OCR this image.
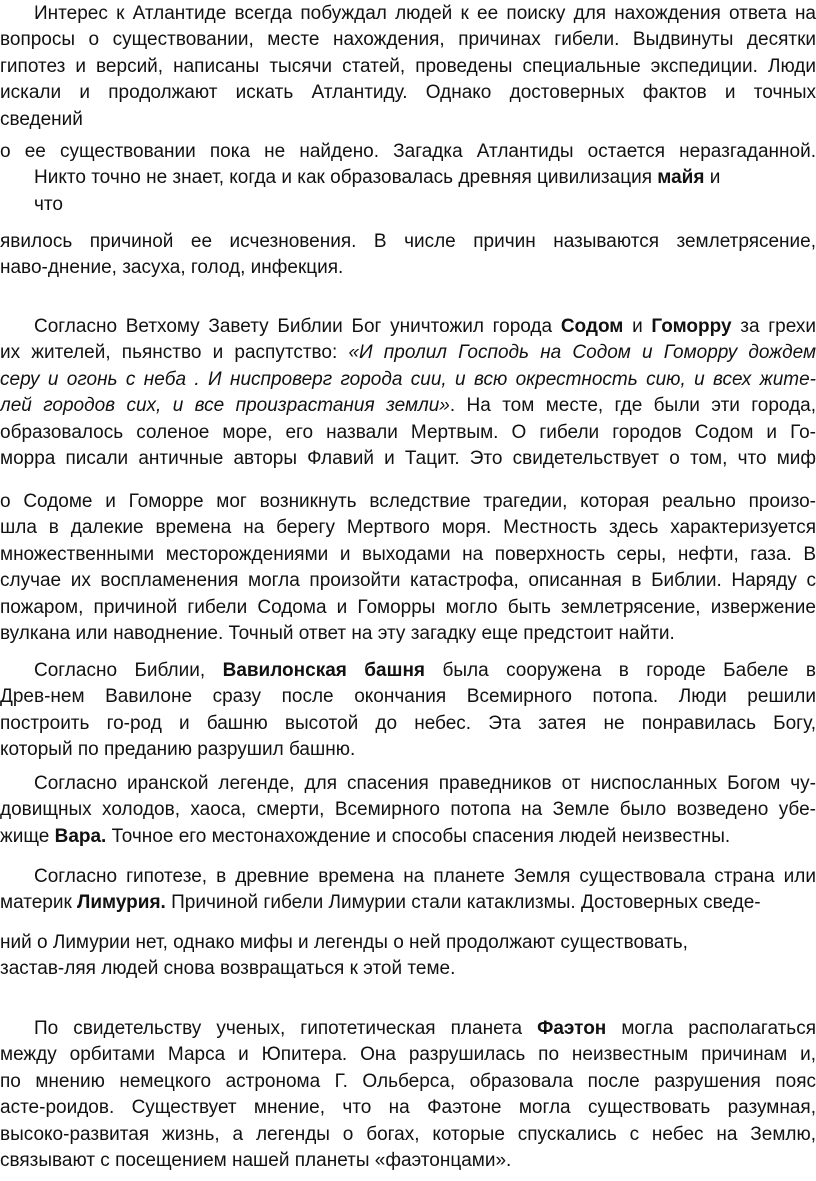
Интерес к Атлантиде всегда побуждал людей к ее поиску для нахождения ответа на
вопросы о существовании, месте нахождения, причинах гибели. Выдвинуты десятки
гипотез и версий, написаны тысячи статей, проведены специальные экспедиции. Люди
искали и продолжают искать Атлантиду. Однако достоверных фактов и точных
сведений
о ее существовании пока не найдено. Загадка Атлантиды остается неразгаданной.
Никто точно не знает, когда и как образовалась древняя цивилизация майя и
что
явилось причиной ее исчезновения. В числе причин называются землетрясение,
наво-днение, засуха, голод, инфекция.
Согласно Ветхому Завету Библии Бог уничтожил города Содом и Гоморру за грехи
их жителей, пьянство и распутство: «И пролил Господь на Содом и Гоморру дождем
серу и огонь с неба . И ниспроверг города сии, и всю окрестность сию, и всех жите-
лей городов сих, и все произрастания земли». На том месте, где были эти города,
образовалось соленое море, его назвали Мертвым. О гибели городов Содом и Го-
морра писали античные авторы Флавий и Тацит. Это свидетельствует о том, что миф
о Содоме и Гоморре мог возникнуть вследствие трагедии, которая реально произо-
шла в далекие времена на берегу Мертвого моря. Местность здесь характеризуется
множественными месторождениями и выходами на поверхность серы, нефти, газа. В
случае их воспламенения могла произойти катастрофа, описанная в Библии. Наряду с
пожаром, причиной гибели Содома и Гоморры могло быть землетрясение, извержение
вулкана или наводнение. Точный ответ на эту загадку еще предстоит найти.
Согласно Библии, Вавилонская башня была сооружена в городе Бабеле в
Древ-нем Вавилоне сразу после окончания Всемирного потопа. Люди решили
построить го-род и башню высотой до небес. Эта затея не понравилась Богу,
который по преданию разрушил башню.
Согласно иранской легенде, для спасения праведников от ниспосланных Богом чу-
довищных холодов, хаоса, смерти, Всемирного потопа на Земле было возведено убе-
жище Вара. Точное его местонахождение и способы спасения людей неизвестны.
Согласно гипотезе, в древние времена на планете Земля существовала страна или
материк Лимурия. Причиной гибели Лимурии стали катаклизмы. Достоверных сведе-
ний о Лимурии нет, однако мифы и легенды о ней продолжают существовать,
застав-ляя людей снова возвращаться к этой теме.
По свидетельству ученых, гипотетическая планета Фаэтон могла располагаться
между орбитами Марса и Юпитера. Она разрушилась по неизвестным причинам и,
по мнению немецкого астронома Г. Ольберса, образовала после разрушения пояс
асте-роидов. Существует мнение, что на Фаэтоне могла существовать разумная,
высоко-развитая жизнь, а легенды о богах, которые спускались с небес на Землю,
связывают с посещением нашей планеты «фаэтонцами».
